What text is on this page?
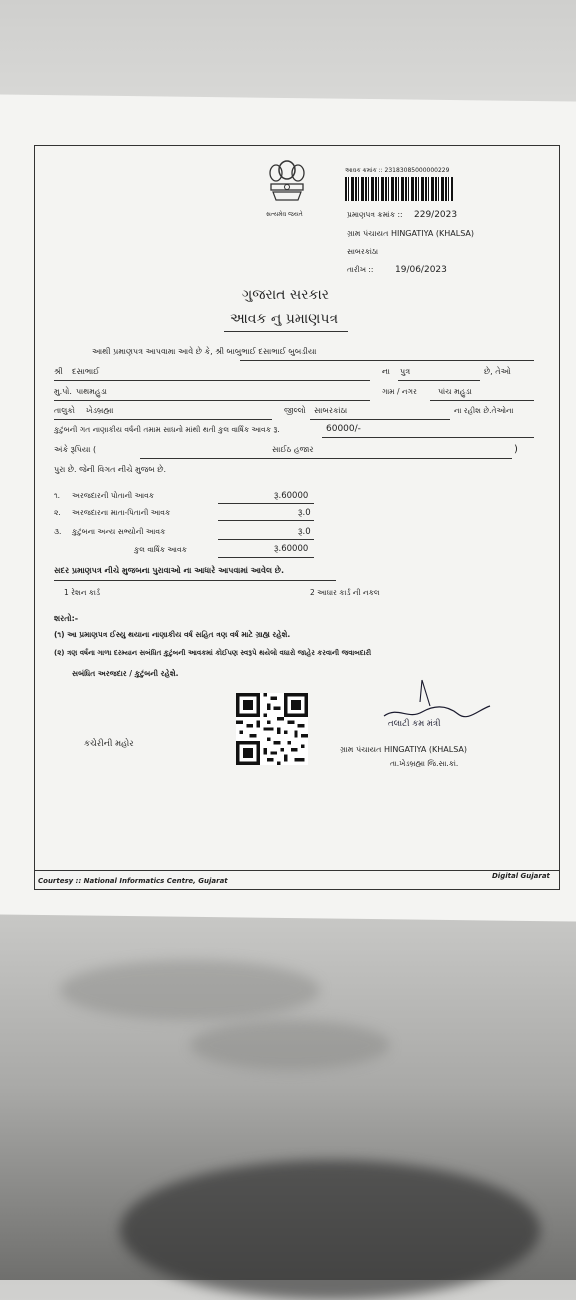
સત્યમેવ જયતે
આવક ક્રમાંક :: 23183085000000229
પ્રમાણપત્ર ક્રમાંક :: 229/2023
ગ્રામ પંચાયત HINGATIYA (KHALSA)
સાબરકાંઠા
તારીખ :: 19/06/2023
ગુજરાત સરકાર
આવક નુ પ્રમાણપત્ર
આથી પ્રમાણપત્ર આપવામા આવે છે કે, શ્રી બાબુભાઈ દસાભાઈ બુબડીયા
શ્રી દસાભાઈ	ના પુત્ર	છે, તેઓ
મુ.પો. પાથમહુડા	ગામ / નગર	પાંચ મહુડા
તાલુકો ખેડબ્રહ્મા	જીલ્લો સાબરકાંઠા	ના રહીશ છે.તેઓના
કુટુંબની ગત નાણાકીય વર્ષની તમામ સાધનો માંથી થતી કુલ વાર્ષિક આવક રૂ.	60000/-
અંકે રૂપિયા (	સાઈઠ હજાર	)
પુરા છે. જેની વિગત નીચે મુજબ છે.
૧. અરજદારની પોતાની આવક	રૂ.60000
૨. અરજદારના માતા-પિતાની આવક	રૂ.0
૩. કુટુંબના અન્ય સભ્યોની આવક	રૂ.0
કુલ વાર્ષિક આવક	રૂ.60000
સદર પ્રમાણપત્ર નીચે મુજબના પુરાવાઓ ના આધારે આપવામાં આવેલ છે.
1 રેશન કાર્ડ	2 આધાર કાર્ડ ની નકલ
શરતો:-
(૧) આ પ્રમાણપત્ર ઈસ્યુ થયાના નાણાકીય વર્ષ સહિત ત્રણ વર્ષ માટે ગ્રાહ્ય રહેશે.
(૨) ત્રણ વર્ષના ગાળા દરમ્યાન સબંધિત કુટુંબની આવકમાં કોઈપણ સ્વરૂપે થયેલો વધારો જાહેર કરવાની જવાબદારી
સબંધિત અરજદાર / કુટુંબની રહેશે.
કચેરીની મહોર
તલાટી કમ મંત્રી
ગ્રામ પંચાયત HINGATIYA (KHALSA)
તા.ખેડબ્રહ્મા જિ.સા.કાં.
Courtesy :: National Informatics Centre, Gujarat
Digital Gujarat
